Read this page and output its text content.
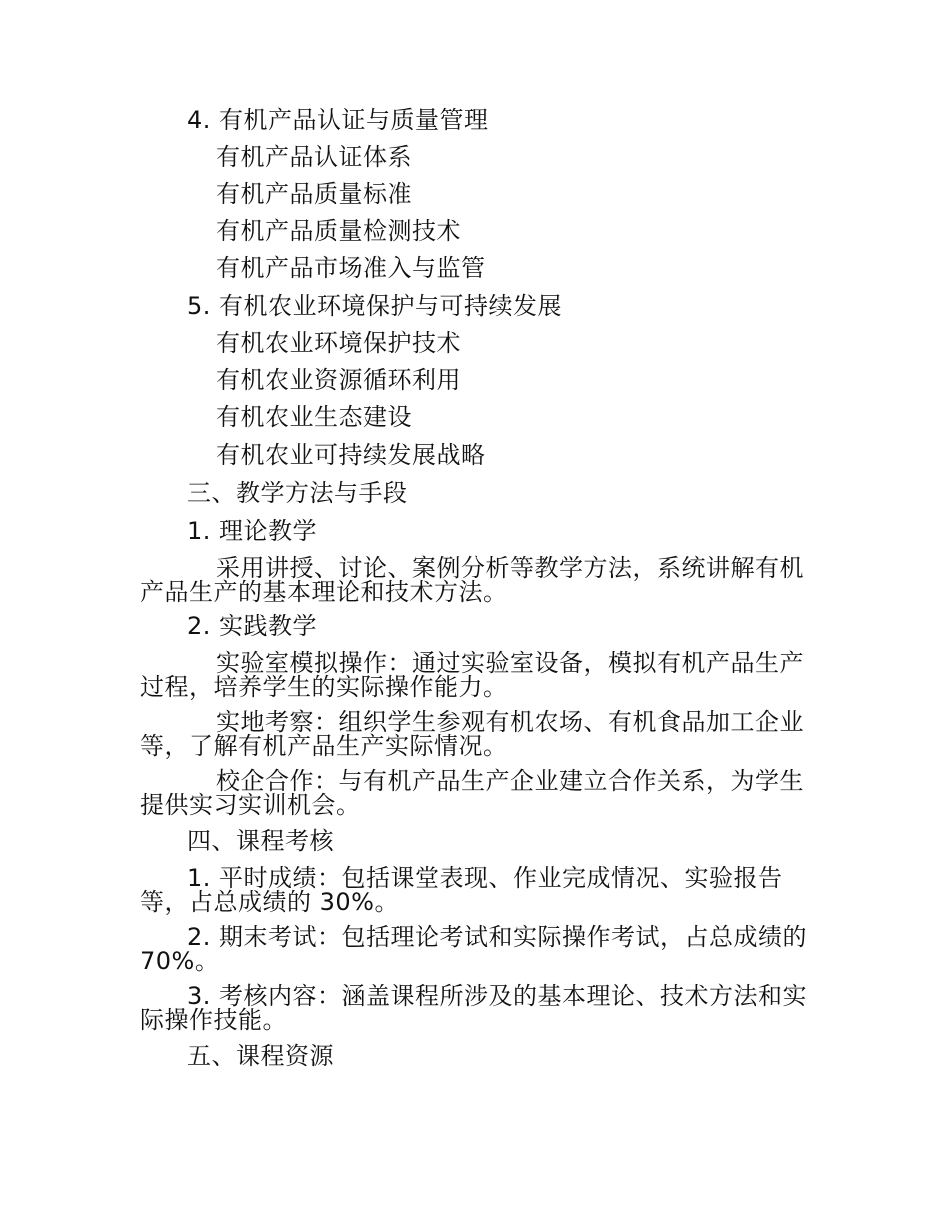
4. 有机产品认证与质量管理
有机产品认证体系
有机产品质量标准
有机产品质量检测技术
有机产品市场准入与监管
5. 有机农业环境保护与可持续发展
有机农业环境保护技术
有机农业资源循环利用
有机农业生态建设
有机农业可持续发展战略
三、教学方法与手段
1. 理论教学
采用讲授、讨论、案例分析等教学方法，系统讲解有机产品生产的基本理论和技术方法。
2. 实践教学
实验室模拟操作：通过实验室设备，模拟有机产品生产过程，培养学生的实际操作能力。
实地考察：组织学生参观有机农场、有机食品加工企业等，了解有机产品生产实际情况。
校企合作：与有机产品生产企业建立合作关系，为学生提供实习实训机会。
四、课程考核
1. 平时成绩：包括课堂表现、作业完成情况、实验报告等，占总成绩的 30%。
2. 期末考试：包括理论考试和实际操作考试，占总成绩的 70%。
3. 考核内容：涵盖课程所涉及的基本理论、技术方法和实际操作技能。
五、课程资源
